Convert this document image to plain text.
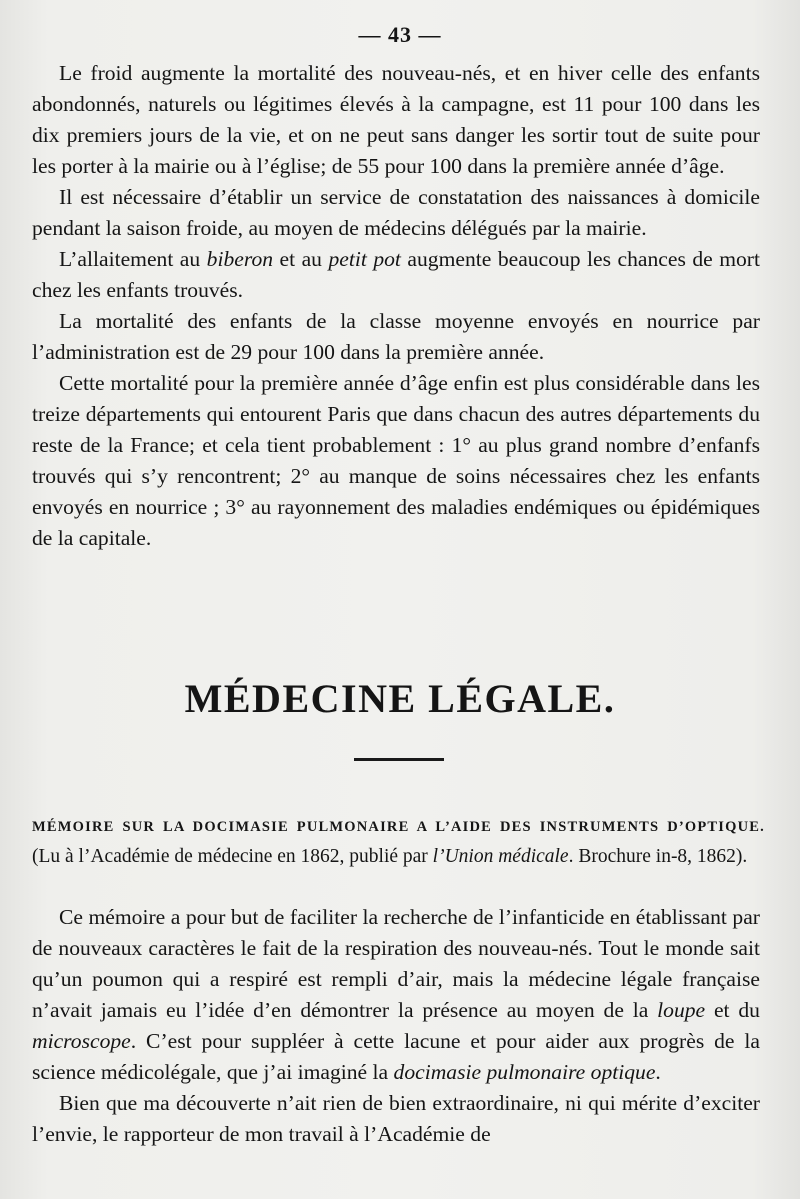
— 43 —

Le froid augmente la mortalité des nouveau-nés, et en hiver celle des enfants abondonnés, naturels ou légitimes élevés à la campagne, est 11 pour 100 dans les dix premiers jours de la vie, et on ne peut sans danger les sortir tout de suite pour les porter à la mairie ou à l’église; de 55 pour 100 dans la première année d’âge.

Il est nécessaire d’établir un service de constatation des naissances à domicile pendant la saison froide, au moyen de médecins délégués par la mairie.

L’allaitement au biberon et au petit pot augmente beaucoup les chances de mort chez les enfants trouvés.

La mortalité des enfants de la classe moyenne envoyés en nourrice par l’administration est de 29 pour 100 dans la première année.

Cette mortalité pour la première année d’âge enfin est plus considérable dans les treize départements qui entourent Paris que dans chacun des autres départements du reste de la France; et cela tient probablement : 1° au plus grand nombre d’enfanfs trouvés qui s’y rencontrent; 2° au manque de soins nécessaires chez les enfants envoyés en nourrice ; 3° au rayonnement des maladies endémiques ou épidémiques de la capitale.

MÉDECINE LÉGALE.

MÉMOIRE SUR LA DOCIMASIE PULMONAIRE A L’AIDE DES INSTRUMENTS D’OPTIQUE. (Lu à l’Académie de médecine en 1862, publié par l’Union médicale. Brochure in-8, 1862).

Ce mémoire a pour but de faciliter la recherche de l’infanticide en établissant par de nouveaux caractères le fait de la respiration des nouveau-nés. Tout le monde sait qu’un poumon qui a respiré est rempli d’air, mais la médecine légale française n’avait jamais eu l’idée d’en démontrer la présence au moyen de la loupe et du microscope. C’est pour suppléer à cette lacune et pour aider aux progrès de la science médicolégale, que j’ai imaginé la docimasie pulmonaire optique.

Bien que ma découverte n’ait rien de bien extraordinaire, ni qui mérite d’exciter l’envie, le rapporteur de mon travail à l’Académie de
